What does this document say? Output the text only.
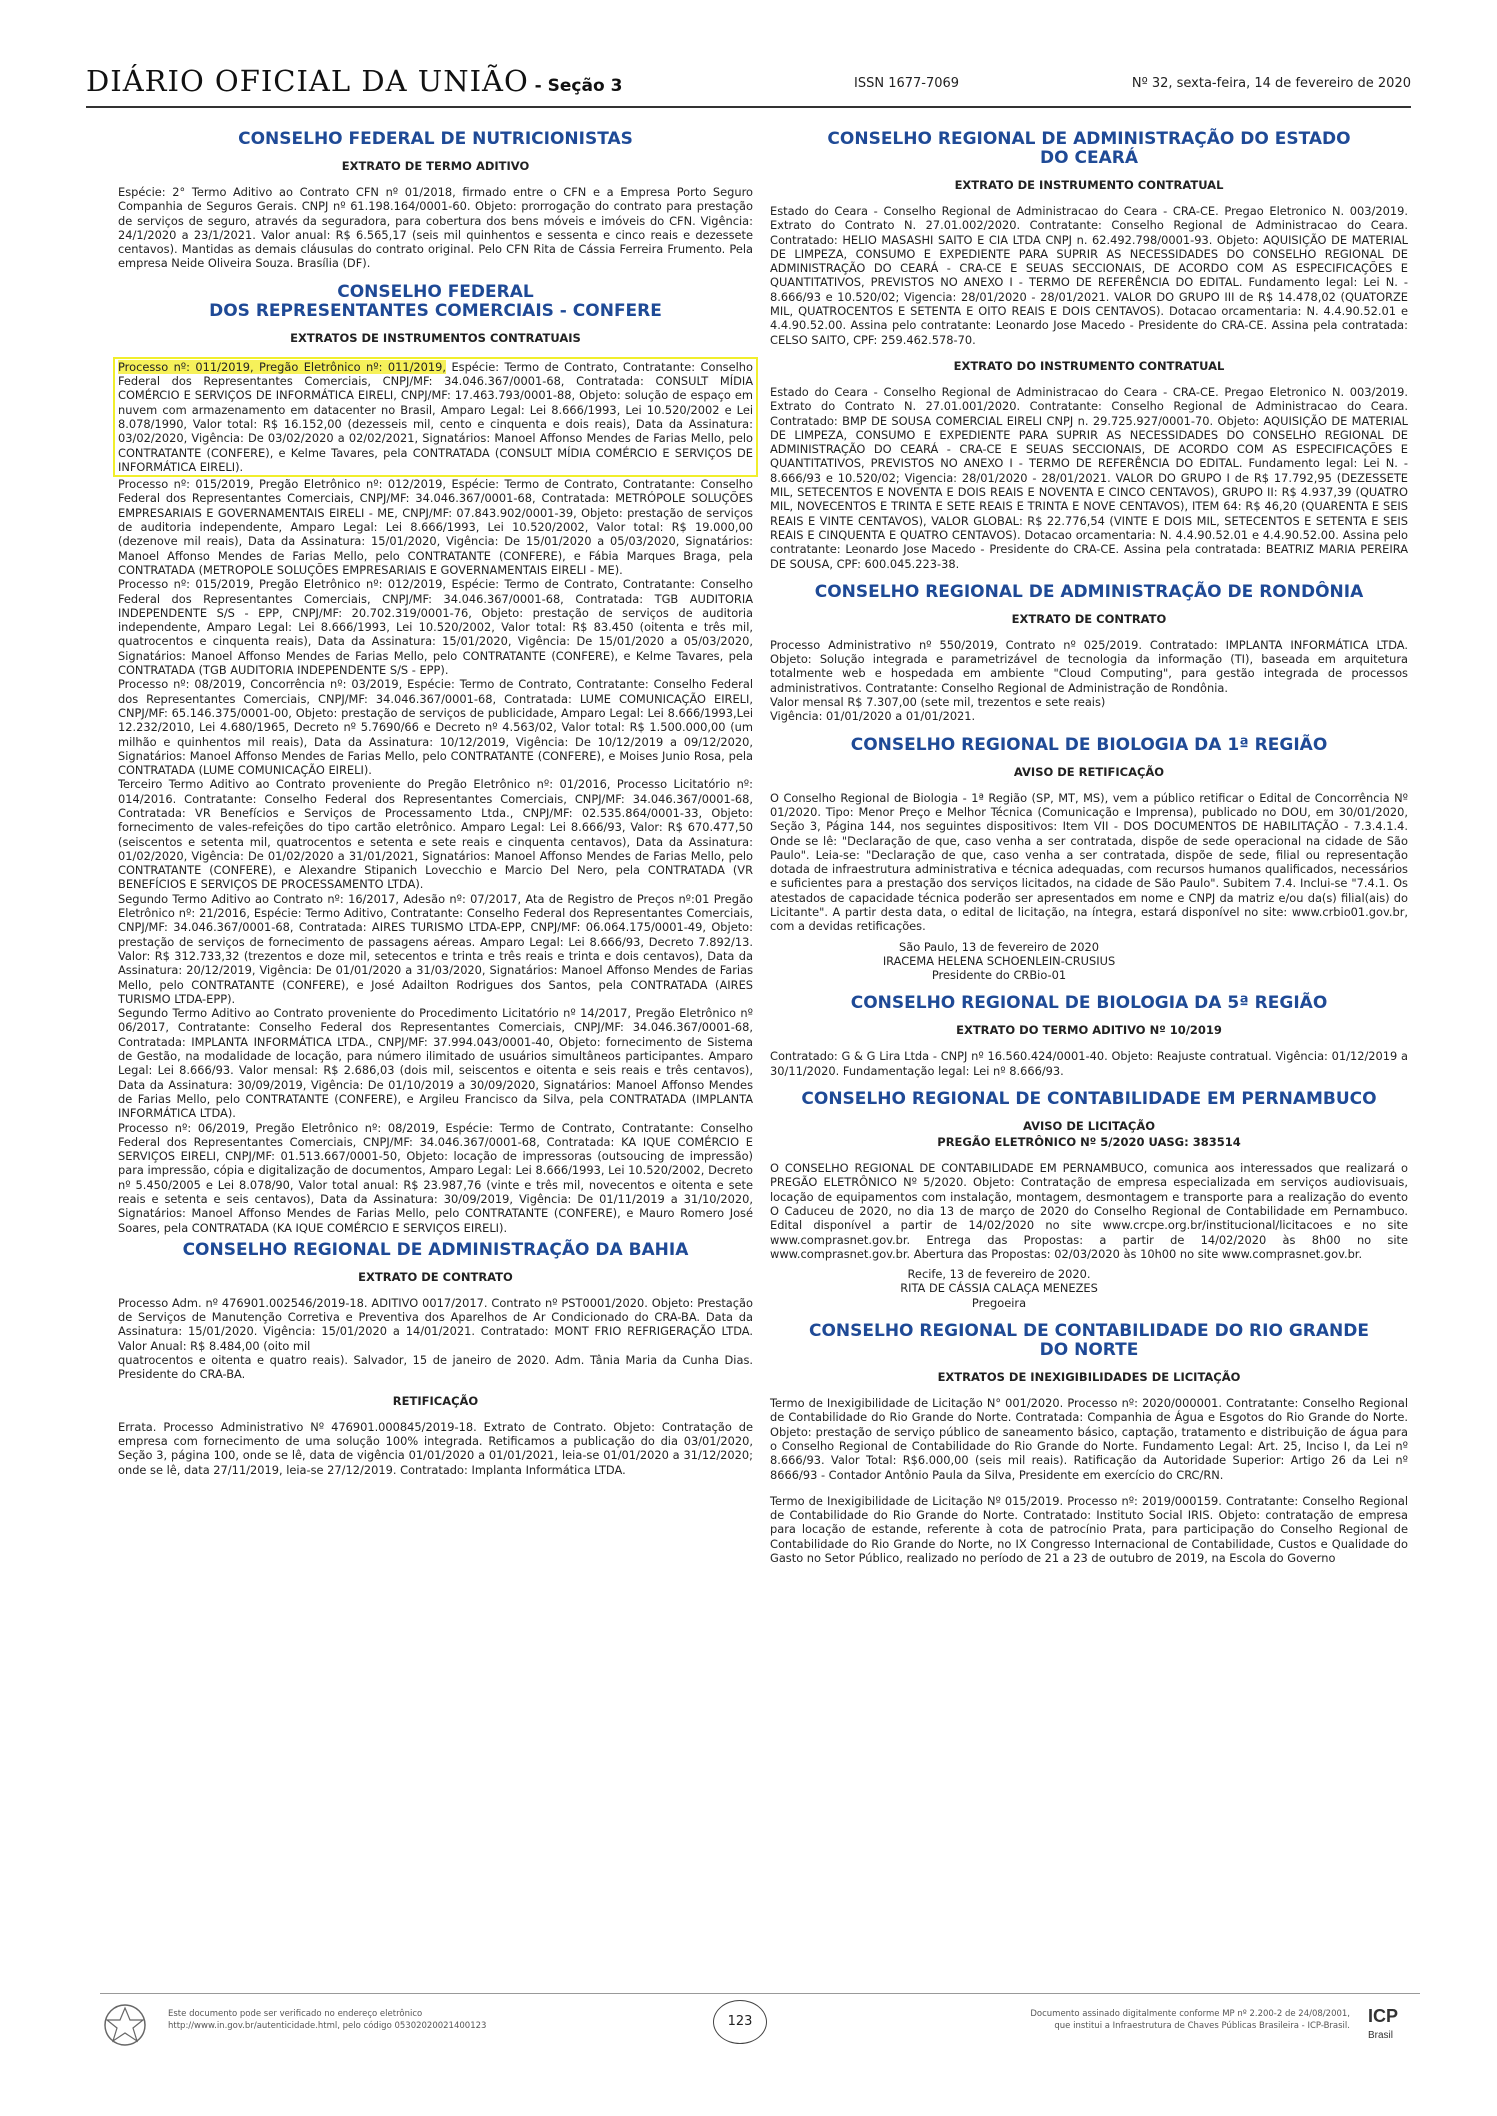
DIÁRIO OFICIAL DA UNIÃO - Seção 3	ISSN 1677-7069	Nº 32, sexta-feira, 14 de fevereiro de 2020
CONSELHO FEDERAL DE NUTRICIONISTAS
EXTRATO DE TERMO ADITIVO

Espécie: 2° Termo Aditivo ao Contrato CFN nº 01/2018, firmado entre o CFN e a Empresa Porto Seguro Companhia de Seguros Gerais. CNPJ nº 61.198.164/0001-60. Objeto: prorrogação do contrato para prestação de serviços de seguro, através da seguradora, para cobertura dos bens móveis e imóveis do CFN. Vigência: 24/1/2020 a 23/1/2021. Valor anual: R$ 6.565,17 (seis mil quinhentos e sessenta e cinco reais e dezessete centavos). Mantidas as demais cláusulas do contrato original. Pelo CFN Rita de Cássia Ferreira Frumento. Pela empresa Neide Oliveira Souza. Brasília (DF).

CONSELHO FEDERAL
DOS REPRESENTANTES COMERCIAIS - CONFERE
EXTRATOS DE INSTRUMENTOS CONTRATUAIS

Processo nº: 011/2019, Pregão Eletrônico nº: 011/2019, Espécie: Termo de Contrato, Contratante: Conselho Federal dos Representantes Comerciais, CNPJ/MF: 34.046.367/0001-68, Contratada: CONSULT MÍDIA COMÉRCIO E SERVIÇOS DE INFORMÁTICA EIRELI, CNPJ/MF: 17.463.793/0001-88, Objeto: solução de espaço em nuvem com armazenamento em datacenter no Brasil, Amparo Legal: Lei 8.666/1993, Lei 10.520/2002 e Lei 8.078/1990, Valor total: R$ 16.152,00 (dezesseis mil, cento e cinquenta e dois reais), Data da Assinatura: 03/02/2020, Vigência: De 03/02/2020 a 02/02/2021, Signatários: Manoel Affonso Mendes de Farias Mello, pelo CONTRATANTE (CONFERE), e Kelme Tavares, pela CONTRATADA (CONSULT MÍDIA COMÉRCIO E SERVIÇOS DE INFORMÁTICA EIRELI).

Processo nº: 015/2019, Pregão Eletrônico nº: 012/2019, Espécie: Termo de Contrato, Contratante: Conselho Federal dos Representantes Comerciais, CNPJ/MF: 34.046.367/0001-68, Contratada: METRÓPOLE SOLUÇÕES EMPRESARIAIS E GOVERNAMENTAIS EIRELI - ME, CNPJ/MF: 07.843.902/0001-39, Objeto: prestação de serviços de auditoria independente, Amparo Legal: Lei 8.666/1993, Lei 10.520/2002, Valor total: R$ 19.000,00 (dezenove mil reais), Data da Assinatura: 15/01/2020, Vigência: De 15/01/2020 a 05/03/2020, Signatários: Manoel Affonso Mendes de Farias Mello, pelo CONTRATANTE (CONFERE), e Fábia Marques Braga, pela CONTRATADA (METROPOLE SOLUÇÕES EMPRESARIAIS E GOVERNAMENTAIS EIRELI - ME).

Processo nº: 015/2019, Pregão Eletrônico nº: 012/2019, Espécie: Termo de Contrato, Contratante: Conselho Federal dos Representantes Comerciais, CNPJ/MF: 34.046.367/0001-68, Contratada: TGB AUDITORIA INDEPENDENTE S/S - EPP, CNPJ/MF: 20.702.319/0001-76, Objeto: prestação de serviços de auditoria independente, Amparo Legal: Lei 8.666/1993, Lei 10.520/2002, Valor total: R$ 83.450 (oitenta e três mil, quatrocentos e cinquenta reais), Data da Assinatura: 15/01/2020, Vigência: De 15/01/2020 a 05/03/2020, Signatários: Manoel Affonso Mendes de Farias Mello, pelo CONTRATANTE (CONFERE), e Kelme Tavares, pela CONTRATADA (TGB AUDITORIA INDEPENDENTE S/S - EPP).

Processo nº: 08/2019, Concorrência nº: 03/2019, Espécie: Termo de Contrato, Contratante: Conselho Federal dos Representantes Comerciais, CNPJ/MF: 34.046.367/0001-68, Contratada: LUME COMUNICAÇÃO EIRELI, CNPJ/MF: 65.146.375/0001-00, Objeto: prestação de serviços de publicidade, Amparo Legal: Lei 8.666/1993,Lei 12.232/2010, Lei 4.680/1965, Decreto nº 5.7690/66 e Decreto nº 4.563/02, Valor total: R$ 1.500.000,00 (um milhão e quinhentos mil reais), Data da Assinatura: 10/12/2019, Vigência: De 10/12/2019 a 09/12/2020, Signatários: Manoel Affonso Mendes de Farias Mello, pelo CONTRATANTE (CONFERE), e Moises Junio Rosa, pela CONTRATADA (LUME COMUNICAÇÃO EIRELI).

Terceiro Termo Aditivo ao Contrato proveniente do Pregão Eletrônico nº: 01/2016, Processo Licitatório nº: 014/2016. Contratante: Conselho Federal dos Representantes Comerciais, CNPJ/MF: 34.046.367/0001-68, Contratada: VR Benefícios e Serviços de Processamento Ltda., CNPJ/MF: 02.535.864/0001-33, Objeto: fornecimento de vales-refeições do tipo cartão eletrônico. Amparo Legal: Lei 8.666/93, Valor: R$ 670.477,50 (seiscentos e setenta mil, quatrocentos e setenta e sete reais e cinquenta centavos), Data da Assinatura: 01/02/2020, Vigência: De 01/02/2020 a 31/01/2021, Signatários: Manoel Affonso Mendes de Farias Mello, pelo CONTRATANTE (CONFERE), e Alexandre Stipanich Lovecchio e Marcio Del Nero, pela CONTRATADA (VR BENEFÍCIOS E SERVIÇOS DE PROCESSAMENTO LTDA).

Segundo Termo Aditivo ao Contrato nº: 16/2017, Adesão nº: 07/2017, Ata de Registro de Preços nº:01 Pregão Eletrônico nº: 21/2016, Espécie: Termo Aditivo, Contratante: Conselho Federal dos Representantes Comerciais, CNPJ/MF: 34.046.367/0001-68, Contratada: AIRES TURISMO LTDA-EPP, CNPJ/MF: 06.064.175/0001-49, Objeto: prestação de serviços de fornecimento de passagens aéreas. Amparo Legal: Lei 8.666/93, Decreto 7.892/13. Valor: R$ 312.733,32 (trezentos e doze mil, setecentos e trinta e três reais e trinta e dois centavos), Data da Assinatura: 20/12/2019, Vigência: De 01/01/2020 a 31/03/2020, Signatários: Manoel Affonso Mendes de Farias Mello, pelo CONTRATANTE (CONFERE), e José Adailton Rodrigues dos Santos, pela CONTRATADA (AIRES TURISMO LTDA-EPP).

Segundo Termo Aditivo ao Contrato proveniente do Procedimento Licitatório nº 14/2017, Pregão Eletrônico nº 06/2017, Contratante: Conselho Federal dos Representantes Comerciais, CNPJ/MF: 34.046.367/0001-68, Contratada: IMPLANTA INFORMÁTICA LTDA., CNPJ/MF: 37.994.043/0001-40, Objeto: fornecimento de Sistema de Gestão, na modalidade de locação, para número ilimitado de usuários simultâneos participantes. Amparo Legal: Lei 8.666/93. Valor mensal: R$ 2.686,03 (dois mil, seiscentos e oitenta e seis reais e três centavos), Data da Assinatura: 30/09/2019, Vigência: De 01/10/2019 a 30/09/2020, Signatários: Manoel Affonso Mendes de Farias Mello, pelo CONTRATANTE (CONFERE), e Argileu Francisco da Silva, pela CONTRATADA (IMPLANTA INFORMÁTICA LTDA).

Processo nº: 06/2019, Pregão Eletrônico nº: 08/2019, Espécie: Termo de Contrato, Contratante: Conselho Federal dos Representantes Comerciais, CNPJ/MF: 34.046.367/0001-68, Contratada: KA IQUE COMÉRCIO E SERVIÇOS EIRELI, CNPJ/MF: 01.513.667/0001-50, Objeto: locação de impressoras (outsoucing de impressão) para impressão, cópia e digitalização de documentos, Amparo Legal: Lei 8.666/1993, Lei 10.520/2002, Decreto nº 5.450/2005 e Lei 8.078/90, Valor total anual: R$ 23.987,76 (vinte e três mil, novecentos e oitenta e sete reais e setenta e seis centavos), Data da Assinatura: 30/09/2019, Vigência: De 01/11/2019 a 31/10/2020, Signatários: Manoel Affonso Mendes de Farias Mello, pelo CONTRATANTE (CONFERE), e Mauro Romero José Soares, pela CONTRATADA (KA IQUE COMÉRCIO E SERVIÇOS EIRELI).

CONSELHO REGIONAL DE ADMINISTRAÇÃO DA BAHIA
EXTRATO DE CONTRATO

Processo Adm. nº 476901.002546/2019-18. ADITIVO 0017/2017. Contrato nº PST0001/2020. Objeto: Prestação de Serviços de Manutenção Corretiva e Preventiva dos Aparelhos de Ar Condicionado do CRA-BA. Data da Assinatura: 15/01/2020. Vigência: 15/01/2020 a 14/01/2021. Contratado: MONT FRIO REFRIGERAÇÃO LTDA. Valor Anual: R$ 8.484,00 (oito mil

quatrocentos e oitenta e quatro reais). Salvador, 15 de janeiro de 2020. Adm. Tânia Maria da Cunha Dias. Presidente do CRA-BA.

RETIFICAÇÃO

Errata. Processo Administrativo Nº 476901.000845/2019-18. Extrato de Contrato. Objeto: Contratação de empresa com fornecimento de uma solução 100% integrada. Retificamos a publicação do dia 03/01/2020, Seção 3, página 100, onde se lê, data de vigência 01/01/2020 a 01/01/2021, leia-se 01/01/2020 a 31/12/2020; onde se lê, data 27/11/2019, leia-se 27/12/2019. Contratado: Implanta Informática LTDA.

CONSELHO REGIONAL DE ADMINISTRAÇÃO DO ESTADO
DO CEARÁ
EXTRATO DE INSTRUMENTO CONTRATUAL

Estado do Ceara - Conselho Regional de Administracao do Ceara - CRA-CE. Pregao Eletronico N. 003/2019. Extrato do Contrato N. 27.01.002/2020. Contratante: Conselho Regional de Administracao do Ceara. Contratado: HELIO MASASHI SAITO E CIA LTDA CNPJ n. 62.492.798/0001-93. Objeto: AQUISIÇÃO DE MATERIAL DE LIMPEZA, CONSUMO E EXPEDIENTE PARA SUPRIR AS NECESSIDADES DO CONSELHO REGIONAL DE ADMINISTRAÇÃO DO CEARÁ - CRA-CE E SEUAS SECCIONAIS, DE ACORDO COM AS ESPECIFICAÇÕES E QUANTITATIVOS, PREVISTOS NO ANEXO I - TERMO DE REFERÊNCIA DO EDITAL. Fundamento legal: Lei N. - 8.666/93 e 10.520/02; Vigencia: 28/01/2020 - 28/01/2021. VALOR DO GRUPO III de R$ 14.478,02 (QUATORZE MIL, QUATROCENTOS E SETENTA E OITO REAIS E DOIS CENTAVOS). Dotacao orcamentaria: N. 4.4.90.52.01 e 4.4.90.52.00. Assina pelo contratante: Leonardo Jose Macedo - Presidente do CRA-CE. Assina pela contratada: CELSO SAITO, CPF: 259.462.578-70.

EXTRATO DO INSTRUMENTO CONTRATUAL

Estado do Ceara - Conselho Regional de Administracao do Ceara - CRA-CE. Pregao Eletronico N. 003/2019. Extrato do Contrato N. 27.01.001/2020. Contratante: Conselho Regional de Administracao do Ceara. Contratado: BMP DE SOUSA COMERCIAL EIRELI CNPJ n. 29.725.927/0001-70. Objeto: AQUISIÇÃO DE MATERIAL DE LIMPEZA, CONSUMO E EXPEDIENTE PARA SUPRIR AS NECESSIDADES DO CONSELHO REGIONAL DE ADMINISTRAÇÃO DO CEARÁ - CRA-CE E SEUAS SECCIONAIS, DE ACORDO COM AS ESPECIFICAÇÕES E QUANTITATIVOS, PREVISTOS NO ANEXO I - TERMO DE REFERÊNCIA DO EDITAL. Fundamento legal: Lei N. - 8.666/93 e 10.520/02; Vigencia: 28/01/2020 - 28/01/2021. VALOR DO GRUPO I de R$ 17.792,95 (DEZESSETE MIL, SETECENTOS E NOVENTA E DOIS REAIS E NOVENTA E CINCO CENTAVOS), GRUPO II: R$ 4.937,39 (QUATRO MIL, NOVECENTOS E TRINTA E SETE REAIS E TRINTA E NOVE CENTAVOS), ITEM 64: R$ 46,20 (QUARENTA E SEIS REAIS E VINTE CENTAVOS), VALOR GLOBAL: R$ 22.776,54 (VINTE E DOIS MIL, SETECENTOS E SETENTA E SEIS REAIS E CINQUENTA E QUATRO CENTAVOS). Dotacao orcamentaria: N. 4.4.90.52.01 e 4.4.90.52.00. Assina pelo contratante: Leonardo Jose Macedo - Presidente do CRA-CE. Assina pela contratada: BEATRIZ MARIA PEREIRA DE SOUSA, CPF: 600.045.223-38.

CONSELHO REGIONAL DE ADMINISTRAÇÃO DE RONDÔNIA
EXTRATO DE CONTRATO

Processo Administrativo nº 550/2019, Contrato nº 025/2019. Contratado: IMPLANTA INFORMÁTICA LTDA. Objeto: Solução integrada e parametrizável de tecnologia da informação (TI), baseada em arquitetura totalmente web e hospedada em ambiente "Cloud Computing", para gestão integrada de processos administrativos. Contratante: Conselho Regional de Administração de Rondônia.

Valor mensal R$ 7.307,00 (sete mil, trezentos e sete reais)

Vigência: 01/01/2020 a 01/01/2021.

CONSELHO REGIONAL DE BIOLOGIA DA 1ª REGIÃO
AVISO DE RETIFICAÇÃO

O Conselho Regional de Biologia - 1ª Região (SP, MT, MS), vem a público retificar o Edital de Concorrência Nº 01/2020. Tipo: Menor Preço e Melhor Técnica (Comunicação e Imprensa), publicado no DOU, em 30/01/2020, Seção 3, Página 144, nos seguintes dispositivos: Item VII - DOS DOCUMENTOS DE HABILITAÇÃO - 7.3.4.1.4. Onde se lê: "Declaração de que, caso venha a ser contratada, dispõe de sede operacional na cidade de São Paulo". Leia-se: "Declaração de que, caso venha a ser contratada, dispõe de sede, filial ou representação dotada de infraestrutura administrativa e técnica adequadas, com recursos humanos qualificados, necessários e suficientes para a prestação dos serviços licitados, na cidade de São Paulo". Subitem 7.4. Inclui-se "7.4.1. Os atestados de capacidade técnica poderão ser apresentados em nome e CNPJ da matriz e/ou da(s) filial(ais) do Licitante". A partir desta data, o edital de licitação, na íntegra, estará disponível no site: www.crbio01.gov.br, com a devidas retificações.

São Paulo, 13 de fevereiro de 2020
IRACEMA HELENA SCHOENLEIN-CRUSIUS
Presidente do CRBio-01
CONSELHO REGIONAL DE BIOLOGIA DA 5ª REGIÃO
EXTRATO DO TERMO ADITIVO Nº 10/2019

Contratado: G & G Lira Ltda - CNPJ nº 16.560.424/0001-40. Objeto: Reajuste contratual. Vigência: 01/12/2019 a 30/11/2020. Fundamentação legal: Lei nº 8.666/93.

CONSELHO REGIONAL DE CONTABILIDADE EM PERNAMBUCO
AVISO DE LICITAÇÃO
PREGÃO ELETRÔNICO Nº 5/2020 UASG: 383514

O CONSELHO REGIONAL DE CONTABILIDADE EM PERNAMBUCO, comunica aos interessados que realizará o PREGÃO ELETRÔNICO Nº 5/2020. Objeto: Contratação de empresa especializada em serviços audiovisuais, locação de equipamentos com instalação, montagem, desmontagem e transporte para a realização do evento O Caduceu de 2020, no dia 13 de março de 2020 do Conselho Regional de Contabilidade em Pernambuco. Edital disponível a partir de 14/02/2020 no site www.crcpe.org.br/institucional/licitacoes e no site www.comprasnet.gov.br. Entrega das Propostas: a partir de 14/02/2020 às 8h00 no site www.comprasnet.gov.br. Abertura das Propostas: 02/03/2020 às 10h00 no site www.comprasnet.gov.br.

Recife, 13 de fevereiro de 2020.
RITA DE CÁSSIA CALAÇA MENEZES
Pregoeira
CONSELHO REGIONAL DE CONTABILIDADE DO RIO GRANDE
DO NORTE
EXTRATOS DE INEXIGIBILIDADES DE LICITAÇÃO

Termo de Inexigibilidade de Licitação N° 001/2020. Processo nº: 2020/000001. Contratante: Conselho Regional de Contabilidade do Rio Grande do Norte. Contratada: Companhia de Água e Esgotos do Rio Grande do Norte. Objeto: prestação de serviço público de saneamento básico, captação, tratamento e distribuição de água para o Conselho Regional de Contabilidade do Rio Grande do Norte. Fundamento Legal: Art. 25, Inciso I, da Lei nº 8.666/93. Valor Total: R$6.000,00 (seis mil reais). Ratificação da Autoridade Superior: Artigo 26 da Lei nº 8666/93 - Contador Antônio Paula da Silva, Presidente em exercício do CRC/RN.

Termo de Inexigibilidade de Licitação Nº 015/2019. Processo nº: 2019/000159. Contratante: Conselho Regional de Contabilidade do Rio Grande do Norte. Contratado: Instituto Social IRIS. Objeto: contratação de empresa para locação de estande, referente à cota de patrocínio Prata, para participação do Conselho Regional de Contabilidade do Rio Grande do Norte, no IX Congresso Internacional de Contabilidade, Custos e Qualidade do Gasto no Setor Público, realizado no período de 21 a 23 de outubro de 2019, na Escola do Governo

Este documento pode ser verificado no endereço eletrônico
http://www.in.gov.br/autenticidade.html, pelo código 05302020021400123	123	Documento assinado digitalmente conforme MP nº 2.200-2 de 24/08/2001,
que institui a Infraestrutura de Chaves Públicas Brasileira - ICP-Brasil. ICP
Brasil
